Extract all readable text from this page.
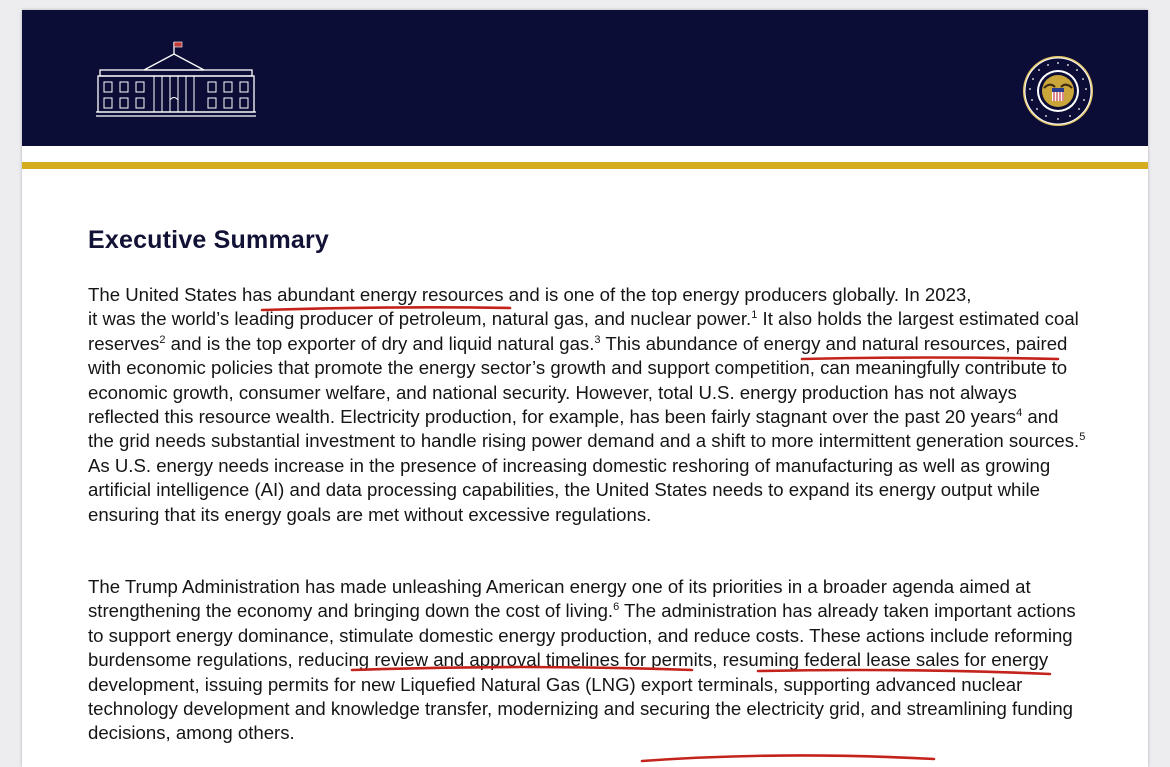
Executive Summary

The United States has abundant energy resources and is one of the top energy producers globally. In 2023,
it was the world’s leading producer of petroleum, natural gas, and nuclear power.$^1$ It also holds the largest estimated coal reserves$^2$ and is the top exporter of dry and liquid natural gas.$^3$ This abundance of energy and natural resources, paired with economic policies that promote the energy sector’s growth and support competition, can meaningfully contribute to economic growth, consumer welfare, and national security. However, total U.S. energy production has not always reflected this resource wealth. Electricity production, for example, has been fairly stagnant over the past 20 years$^4$ and the grid needs substantial investment to handle rising power demand and a shift to more intermittent generation sources.$^5$ As U.S. energy needs increase in the presence of increasing domestic reshoring of manufacturing as well as growing artificial intelligence (AI) and data processing capabilities, the United States needs to expand its energy output while ensuring that its energy goals are met without excessive regulations.

The Trump Administration has made unleashing American energy one of its priorities in a broader agenda aimed at strengthening the economy and bringing down the cost of living.$^6$ The administration has already taken important actions to support energy dominance, stimulate domestic energy production, and reduce costs. These actions include reforming burdensome regulations, reducing review and approval timelines for permits, resuming federal lease sales for energy development, issuing permits for new Liquefied Natural Gas (LNG) export terminals, supporting advanced nuclear technology development and knowledge transfer, modernizing and securing the electricity grid, and streamlining funding decisions, among others.
